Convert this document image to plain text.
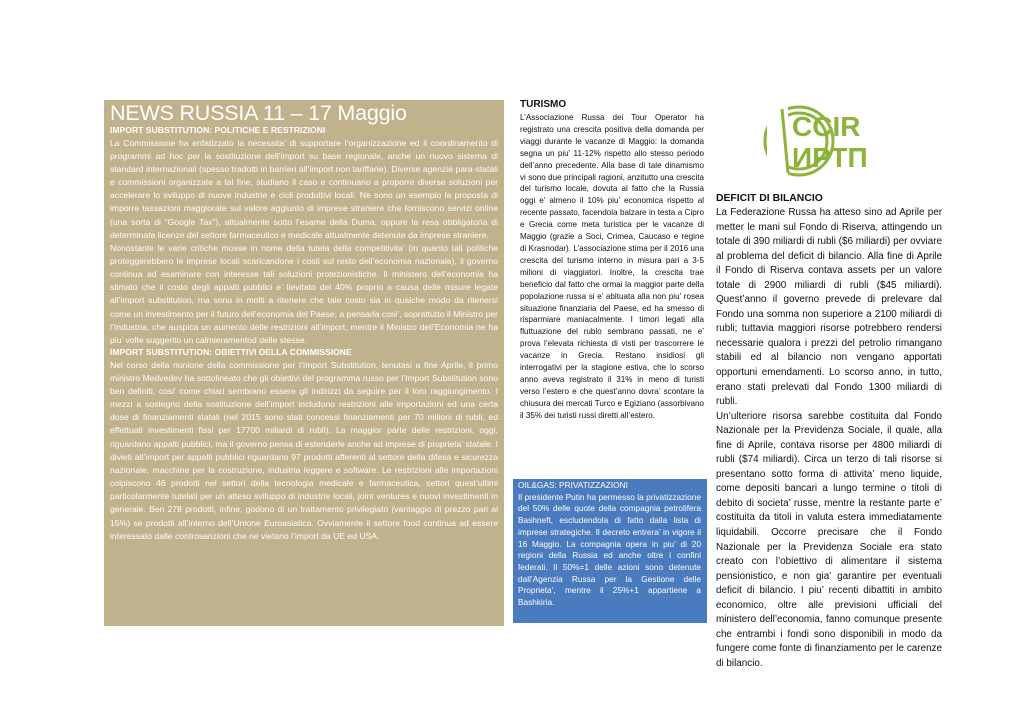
NEWS RUSSIA 11 – 17 Maggio
IMPORT SUBSTITUTION: POLITICHE E RESTRIZIONI

La Commissione ha enfatizzato la necessita’ di supportare l’organizzazione ed il coordinamento di programmi ad hoc per la sostituzione dell’import su base regionale, anche un nuovo sistema di standard internazionali (spesso tradotti in barrieri all’import non tariffarie). Diverse agenzie para-statali e commissioni organizzate a tal fine, studiano il caso e continuano a proporre diverse soluzioni per accelerare lo sviluppo di nuove industrie e cicli produttivi locali. Ne sono un esempio la proposta di imporre tassazioni maggiorate sul valore aggiunto di imprese straniere che forniscono servizi online (una sorta di “Google Tax”), attualmente sotto l’esame della Duma, oppure la resa obbligatoria di determinate licenze del settore farmaceutico e medicale attualmente detenute da imprese straniere.

Nonostante le varie critiche mosse in nome della tutela della competitivita’ (in quanto tali politiche proteggerebbero le imprese locali scaricandone i costi sul resto dell’economia nazionale), il governo continua ad esaminare con interesse tali soluzioni protezionistiche. Il ministero dell’economia ha stimato che il costo degli appalti pubblici e’ lievitato del 40% proprio a causa delle misure legate all’import substitution, ma sono in molti a ritenere che tale costo sia in qualche modo da ritenersi come un investimento per il futuro dell’economia del Paese; a pensarla cosi’, soprattutto il Ministro per l’Industria, che auspica un aumento delle restrizioni all’import, mentre il Ministro dell’Economia ne ha piu’ volte suggerito un calmieramentod delle stesse.

IMPORT SUBSTITUTION: OBIETTIVI DELLA COMMISSIONE

Nel corso della riunione della commissione per l’Import Substitution, tenutasi a fine Aprile, il primo ministro Medvedev ha sottolineato che gli obiettivi del programma russo per l’Import Substitution sono ben definiti, cosi’ come chiari sembrano essere gli indirizzi da seguire per il loro raggiungimento. I mezzi a sostegno della sostituzione dell’import includono restrizioni alle importazioni ed una certa dose di finanziamenti statali (nel 2015 sono stati concessi finanziamenti per 70 milioni di rubli, ed effettuati investimenti fissi per 17700 miliardi di rubli). La maggior parte delle restrizioni, oggi, riguardano appalti pubblici, ma il governo pensa di estenderle anche ad imprese di proprieta’ statale. I divieti all’import per appalti pubblici riguardano 97 prodotti afferenti al settore della difesa e sicurezza nazionale, macchine per la costruzione, industria leggere e software. Le restrizioni alle importazioni colpiscono 46 prodotti nei settori della tecnologia medicale e farmaceutica, settori quest’ultimi particolarmente tutelati per un atteso sviluppo di industrie locali, joint ventures e nuovi investimenti in generale. Ben 278 prodotti, infine, godono di un trattamento privilegiato (vantaggio di prezzo pari al 15%) se prodotti all’interno dell’Unione Euroasiatica. Ovviamente il settore food continua ad essere interessato dalle controsanzioni che ne vietano l’import da UE ed USA.

TURISMO

L’Associazione Russa dei Tour Operator ha registrato una crescita positiva della domanda per viaggi durante le vacanze di Maggio: la domanda segna un piu’ 11-12% rispetto allo stesso periodo dell’anno precedente. Alla base di tale dinamismo vi sono due principali ragioni, anzitutto una crescita del turismo locale, dovuta al fatto che la Russia oggi e’ almeno il 10% piu’ economica rispetto al recente passato, facendola balzare in testa a Cipro e Grecia come meta turistica per le vacanze di Maggio (grazie a Soci, Crimea, Caucaso e regine di Krasnodar). L’associazione stima per il 2016 una crescita del turismo interno in misura pari a 3-5 milioni di viaggiatori. Inoltre, la crescita trae beneficio dal fatto che ormai la maggior parte della popolazione russa si e’ abituata alla non piu’ rosea situazione finanziaria del Paese, ed ha smesso di risparmiare maniacalmente. I timori legati alla fluttuazione del rublo sembrano passati, ne e’ prova l’elevata richiesta di visti per trascorrere le vacanze in Grecia. Restano insidiosi gli interrogativi per la stagione estiva, che lo scorso anno aveva registrato il 31% in meno di turisti verso l’estero e che quest’anno dovra’ scontare la chiusura dei mercati Turco e Egiziano (assorbivano il 35% dei turisti russi diretti all’estero.

OIL&GAS: PRIVATIZZAZIONI

Il presidente Putin ha permesso la privatizzazione del 50% delle quote della compagnia petrolifera Bashneft, escludendola di fatto dalla lista di imprese strategiche. Il decreto entrera’ in vigore il 16 Maggio. La compagnia opera in piu’ di 20 regioni della Russia ed anche oltre i confini federali. Il 50%=1 delle azioni sono detenute dall’Agenzia Russa per la Gestione delle Proprieta’, mentre il 25%+1 appartiene a Bashkiria.

CCIR
ИРТП
DEFICIT DI BILANCIO

La Federazione Russa ha atteso sino ad Aprile per metter le mani sul Fondo di Riserva, attingendo un totale di 390 miliardi di rubli ($6 miliardi) per ovviare al problema del deficit di bilancio. Alla fine di Aprile il Fondo di Riserva contava assets per un valore totale di 2900 miliardi di rubli ($45 miliardi). Quest’anno il governo prevede di prelevare dal Fondo una somma non superiore a 2100 miliardi di rubli; tuttavia maggiori risorse potrebbero rendersi necessarie qualora i prezzi del petrolio rimangano stabili ed al bilancio non vengano apportati opportuni emendamenti. Lo scorso anno, in tutto, erano stati prelevati dal Fondo 1300 miliardi di rubli.

Un’ulteriore risorsa sarebbe costituita dal Fondo Nazionale per la Previdenza Sociale, il quale, alla fine di Aprile, contava risorse per 4800 miliardi di rubli ($74 miliardi). Circa un terzo di tali risorse si presentano sotto forma di attivita’ meno liquide, come depositi bancari a lungo termine o titoli di debito di societa’ russe, mentre la restante parte e’ costituita da titoli in valuta estera immediatamente liquidabili. Occorre precisare che il Fondo Nazionale per la Previdenza Sociale era stato creato con l’obiettivo di alimentare il sistema pensionistico, e non gia’ garantire per eventuali deficit di bilancio. I piu’ recenti dibattiti in ambito economico, oltre alle previsioni ufficiali del ministero dell’economia, fanno comunque presente che entrambi i fondi sono disponibili in modo da fungere come fonte di finanziamento per le carenze di bilancio.
